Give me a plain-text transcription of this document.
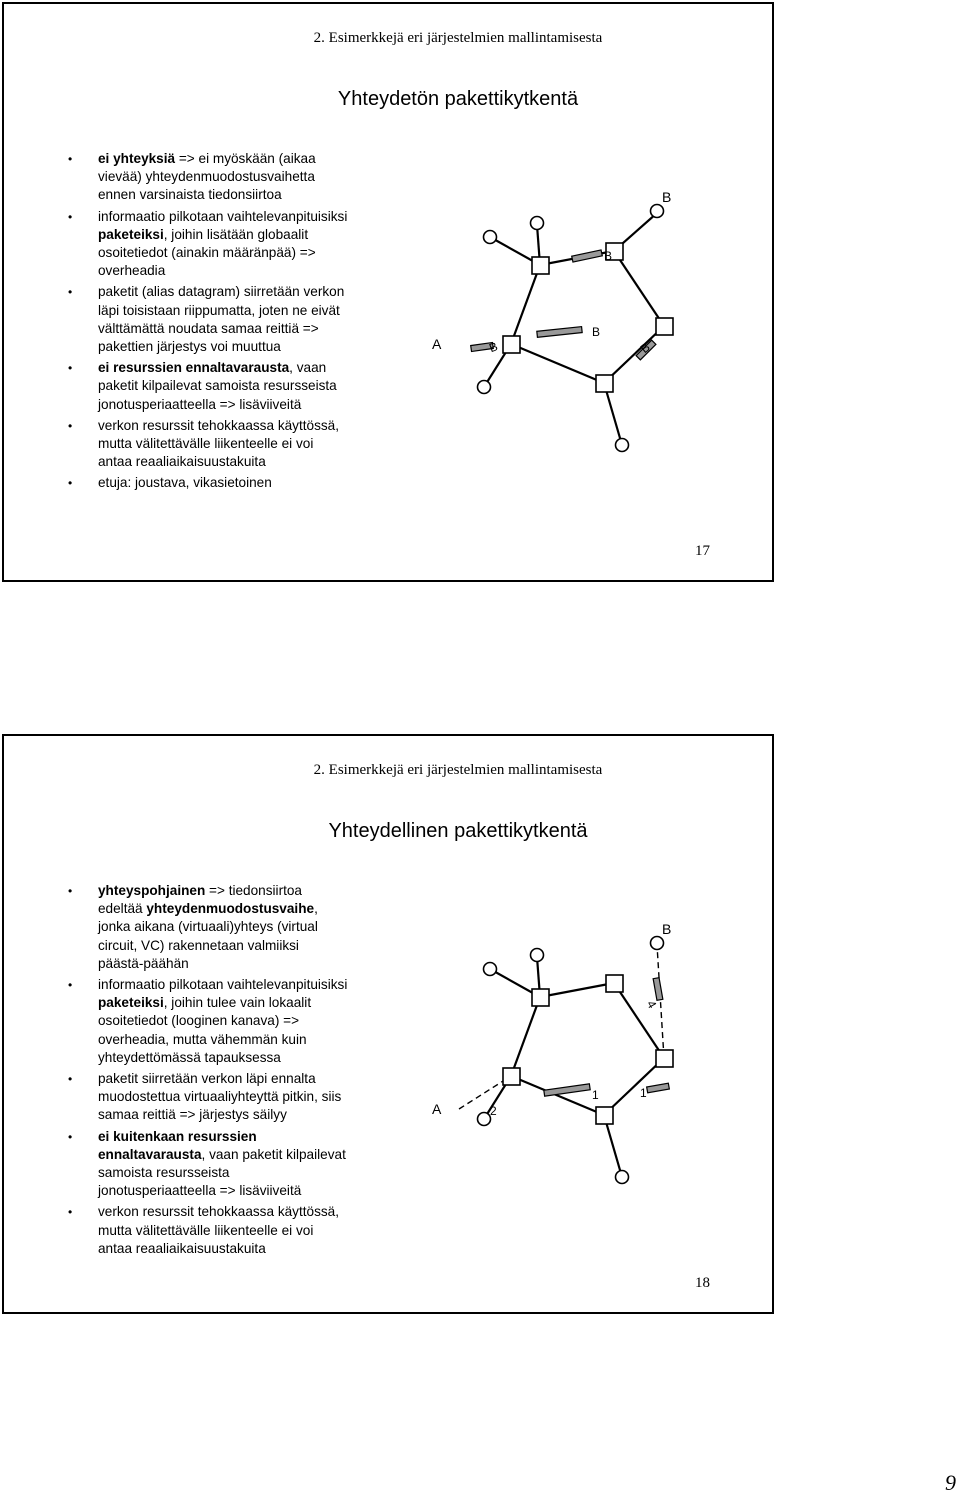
2. Esimerkkejä eri järjestelmien mallintamisesta
Yhteydetön pakettikytkentä
• ei yhteyksiä => ei myöskään (aikaa
vievää) yhteydenmuodostusvaihetta
ennen varsinaista tiedonsiirtoa
• informaatio pilkotaan vaihtelevanpituisiksi
paketeiksi, joihin lisätään globaalit
osoitetiedot (ainakin määränpää) =>
overheadia
• paketit (alias datagram) siirretään verkon
läpi toisistaan riippumatta, joten ne eivät
välttämättä noudata samaa reittiä =>
pakettien järjestys voi muuttua
• ei resurssien ennaltavarausta, vaan
paketit kilpailevat samoista resursseista
jonotusperiaatteella => lisäviiveitä
• verkon resurssit tehokkaassa käyttössä,
mutta välitettävälle liikenteelle ei voi
antaa reaaliaikaisuustakuita
• etuja: joustava, vikasietoinen
A
B
B
B
B
B
17
2. Esimerkkejä eri järjestelmien mallintamisesta
Yhteydellinen pakettikytkentä
• yhteyspohjainen => tiedonsiirtoa
edeltää yhteydenmuodostusvaihe,
jonka aikana (virtuaali)yhteys (virtual
circuit, VC) rakennetaan valmiiksi
päästä-päähän
• informaatio pilkotaan vaihtelevanpituisiksi
paketeiksi, joihin tulee vain lokaalit
osoitetiedot (looginen kanava) =>
overheadia, mutta vähemmän kuin
yhteydettömässä tapauksessa
• paketit siirretään verkon läpi ennalta
muodostettua virtuaaliyhteyttä pitkin, siis
samaa reittiä => järjestys säilyy
• ei kuitenkaan resurssien
ennaltavarausta, vaan paketit kilpailevat
samoista resursseista
jonotusperiaatteella => lisäviiveitä
• verkon resurssit tehokkaassa käyttössä,
mutta välitettävälle liikenteelle ei voi
antaa reaaliaikaisuustakuita
A
B
2
1	1
4
18
9
